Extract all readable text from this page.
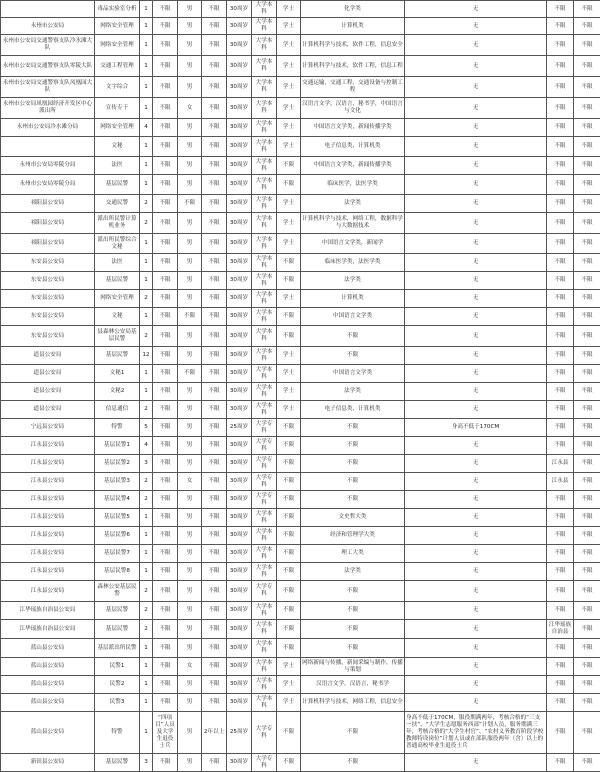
	毒品实验室分析	1	不限	男	不限	30周岁	大学本科	学士	化学类	无	不限	不限
永州市公安局	网络安全管理	1	不限	男	不限	30周岁	大学本科	学士	计算机类	无	不限	不限
永州市公安局交通警察支队冷水滩大队	网络安全管理	1	不限	男	不限	30周岁	大学本科	学士	计算机科学与技术，软件工程，信息安全	无	不限	不限
永州市公安局交通警察支队零陵大队	交通工程管理	1	不限	男	不限	30周岁	大学本科	学士	计算机科学与技术，软件工程，信息工程	无	不限	不限
永州市公安局交通警察支队凤凰园大队	文字综合	1	不限	男	不限	30周岁	大学本科	学士	交通运输，交通工程，交通设备与控制工程	无	不限	不限
永州市公安局凤凰园经济开发区中心派出所	宣传专干	1	不限	女	不限	30周岁	大学本科	学士	汉语言文学，汉语言，秘书学，中国语言与文化	无	不限	不限
永州市公安局冷水滩分局	网络安全管理	4	不限	男	不限	30周岁	大学本科	学士	中国语言文学类，新闻传播学类	无	不限	不限
	文秘	1	不限	男	不限	30周岁	大学本科	学士	电子信息类，计算机类	无	不限	不限
永州市公安局零陵分局	法医	1	不限	男	不限	30周岁	大学本科	不限	中国语言文学类，新闻传播学类	无	不限	不限
永州市公安局零陵分局	基层民警	1	不限	男	不限	30周岁	大学本科	不限	临床医学，法医学类	无	不限	不限
祁阳县公安局	交通民警	2	不限	不限	不限	30周岁	大学本科	学士	法学类	无	不限	不限
祁阳县公安局	派出所民警计算机业务	2	不限	男	不限	30周岁	大学本科	学士	计算机科学与技术，网络工程，数据科学与大数据技术	无	不限	不限
祁阳县公安局	派出所民警综合文秘	1	不限	男	不限	30周岁	大学本科	学士	中国语言文学类，新闻学	无	不限	不限
东安县公安局	法医	1	不限	男	不限	30周岁	大学本科	不限	临床医学类，法医学类	无	不限	不限
东安县公安局	基层民警	1	不限	男	不限	30周岁	大学本科	不限	法学类	无	不限	不限
东安县公安局	网络安全管理	2	不限	男	不限	30周岁	大学本科	学士	计算机类	无	不限	不限
东安县公安局	文秘	1	不限	不限	不限	30周岁	大学本科	不限	中国语言文学类	无	不限	不限
东安县公安局	县森林公安局基层民警	2	不限	男	不限	30周岁	大学本科	不限	不限	无	不限	不限
道县公安局	基层民警	12	不限	男	不限	30周岁	大学本科	学士	不限	无	不限	不限
道县公安局	文秘1	1	不限	不限	不限	30周岁	大学本科	学士	中国语言文学类	无	不限	不限
道县公安局	文秘2	1	不限	男	不限	30周岁	大学本科	学士	法学类	无	不限	不限
道县公安局	信息通信	2	不限	男	不限	30周岁	大学本科	学士	电子信息类，计算机类	无	不限	不限
宁远县公安局	特警	5	不限	男	不限	25周岁	大学专科	不限	不限	身高不低于170CM	不限	不限
江永县公安局	基层民警1	4	不限	男	不限	30周岁	大学专科	不限	不限	无	不限	不限
江永县公安局	基层民警2	3	不限	男	不限	30周岁	大学专科	不限	不限	无	江永县	不限
江永县公安局	基层民警3	2	不限	女	不限	30周岁	大学专科	不限	不限	无	江永县	不限
江永县公安局	基层民警4	2	不限	男	不限	30周岁	大学专科	不限	不限	无	不限	不限
江永县公安局	基层民警5	1	不限	男	不限	30周岁	大学本科	不限	文史哲大类	无	不限	不限
江永县公安局	基层民警6	1	不限	男	不限	30周岁	大学本科	不限	经济和管理学大类	无	不限	不限
江永县公安局	基层民警7	1	不限	男	不限	30周岁	大学本科	不限	理工大类	无	不限	不限
江永县公安局	基层民警8	1	不限	男	不限	30周岁	大学本科	不限	法学类	无	不限	不限
江永县公安局	森林公安基层民警	2	不限	男	不限	30周岁	大学专科	不限	不限	无	不限	不限
江华瑶族自治县公安局	基层民警	2	不限	男	不限	30周岁	大学本科	不限	不限	无	不限	不限
江华瑶族自治县公安局	基层民警	2	不限	男	不限	30周岁	大学本科	不限	不限	无	江华瑶族自治县	不限
蓝山县公安局	基层派出所民警	1	不限	男	不限	30周岁	大学本科	不限	不限	无	不限	不限
蓝山县公安局	民警1	1	不限	女	不限	30周岁	大学本科	学士	网络新闻与传播，新闻采编与制作，传播与策划	无	不限	不限
蓝山县公安局	民警2	1	不限	男	不限	30周岁	大学本科	学士	汉语言文学，汉语言，秘书学	无	不限	不限
蓝山县公安局	民警3	1	不限	男	不限	30周岁	大学本科	学士	计算机科学与技术，网络工程，信息安全	无	不限	不限
蓝山县公安局	特警	1	“四项目”人员及大学生退役士兵	男	2年以上	25周岁	大学专科	不限	不限	身高不低于170CM，服役期满两年，考核合格的“三支一扶”、“大学生志愿服务西部”计划人员，服务期满三年，考核合格的“大学生村官”、“农村义务教育阶段学校教师特设岗位”计划人员或在部队服役两年（含）以上的普通高校毕业生退役士兵	不限	不限
新田县公安局	基层民警	3	不限	男	不限	30周岁	大学专科	不限	不限	无	不限	不限
